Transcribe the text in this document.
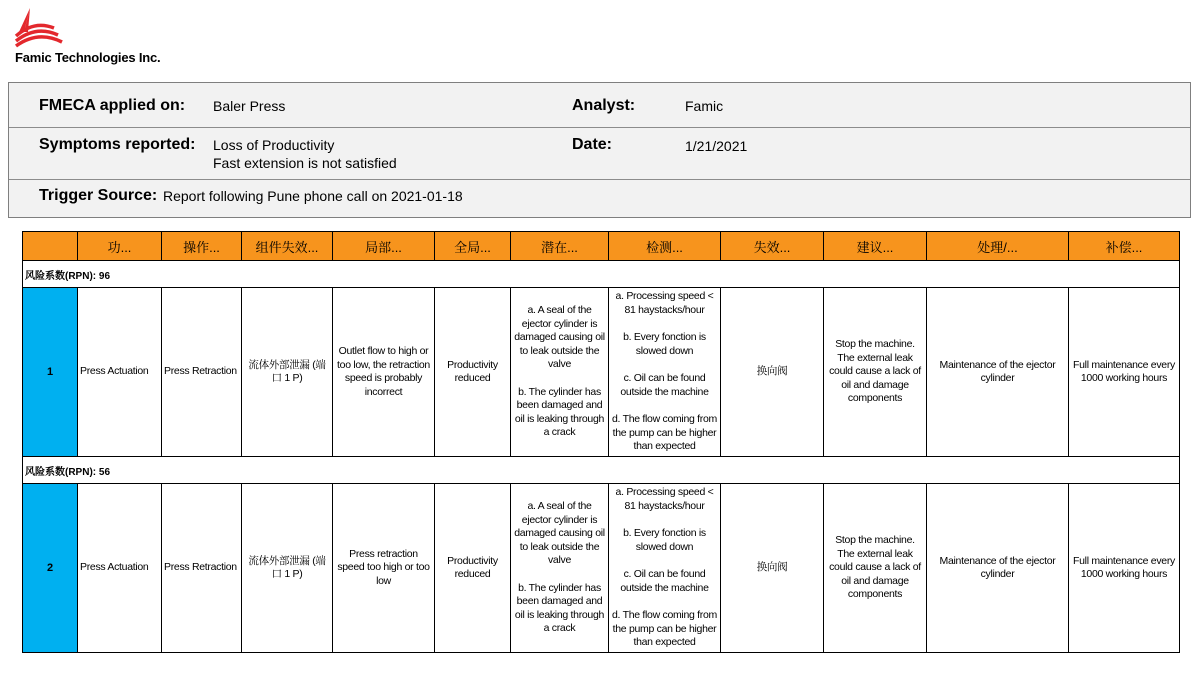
Famic Technologies Inc.
FMECA applied on: Baler Press	Analyst:	Famic
Symptoms reported: Loss of Productivity
Fast extension is not satisfied
Date:	1/21/2021
Trigger Source: Report following Pune phone call on 2021-01-18
	功...	操作...	组件失效...	局部...	全局...	潜在...	检测...	失效...	建议...	处理/...	补偿...
风险系数(RPN): 96											
1	Press Actuation	Press Retraction	流体外部泄漏 (端口 1 P)	Outlet flow to high or too low, the retraction speed is probably incorrect	Productivity reduced	a. A seal of the ejector cylinder is damaged causing oil to leak outside the valve
b. The cylinder has been damaged and oil is leaking through a crack	a. Processing speed < 81 haystacks/hour
b. Every fonction is slowed down
c. Oil can be found outside the machine
d. The flow coming from the pump can be higher than expected	换向阀	Stop the machine. The external leak could cause a lack of oil and damage components	Maintenance of the ejector cylinder	Full maintenance every 1000 working hours
风险系数(RPN): 56											
2	Press Actuation	Press Retraction	流体外部泄漏 (端口 1 P)	Press retraction speed too high or too low	Productivity reduced	a. A seal of the ejector cylinder is damaged causing oil to leak outside the valve
b. The cylinder has been damaged and oil is leaking through a crack	a. Processing speed < 81 haystacks/hour
b. Every fonction is slowed down
c. Oil can be found outside the machine
d. The flow coming from the pump can be higher than expected	换向阀	Stop the machine. The external leak could cause a lack of oil and damage components	Maintenance of the ejector cylinder	Full maintenance every 1000 working hours
